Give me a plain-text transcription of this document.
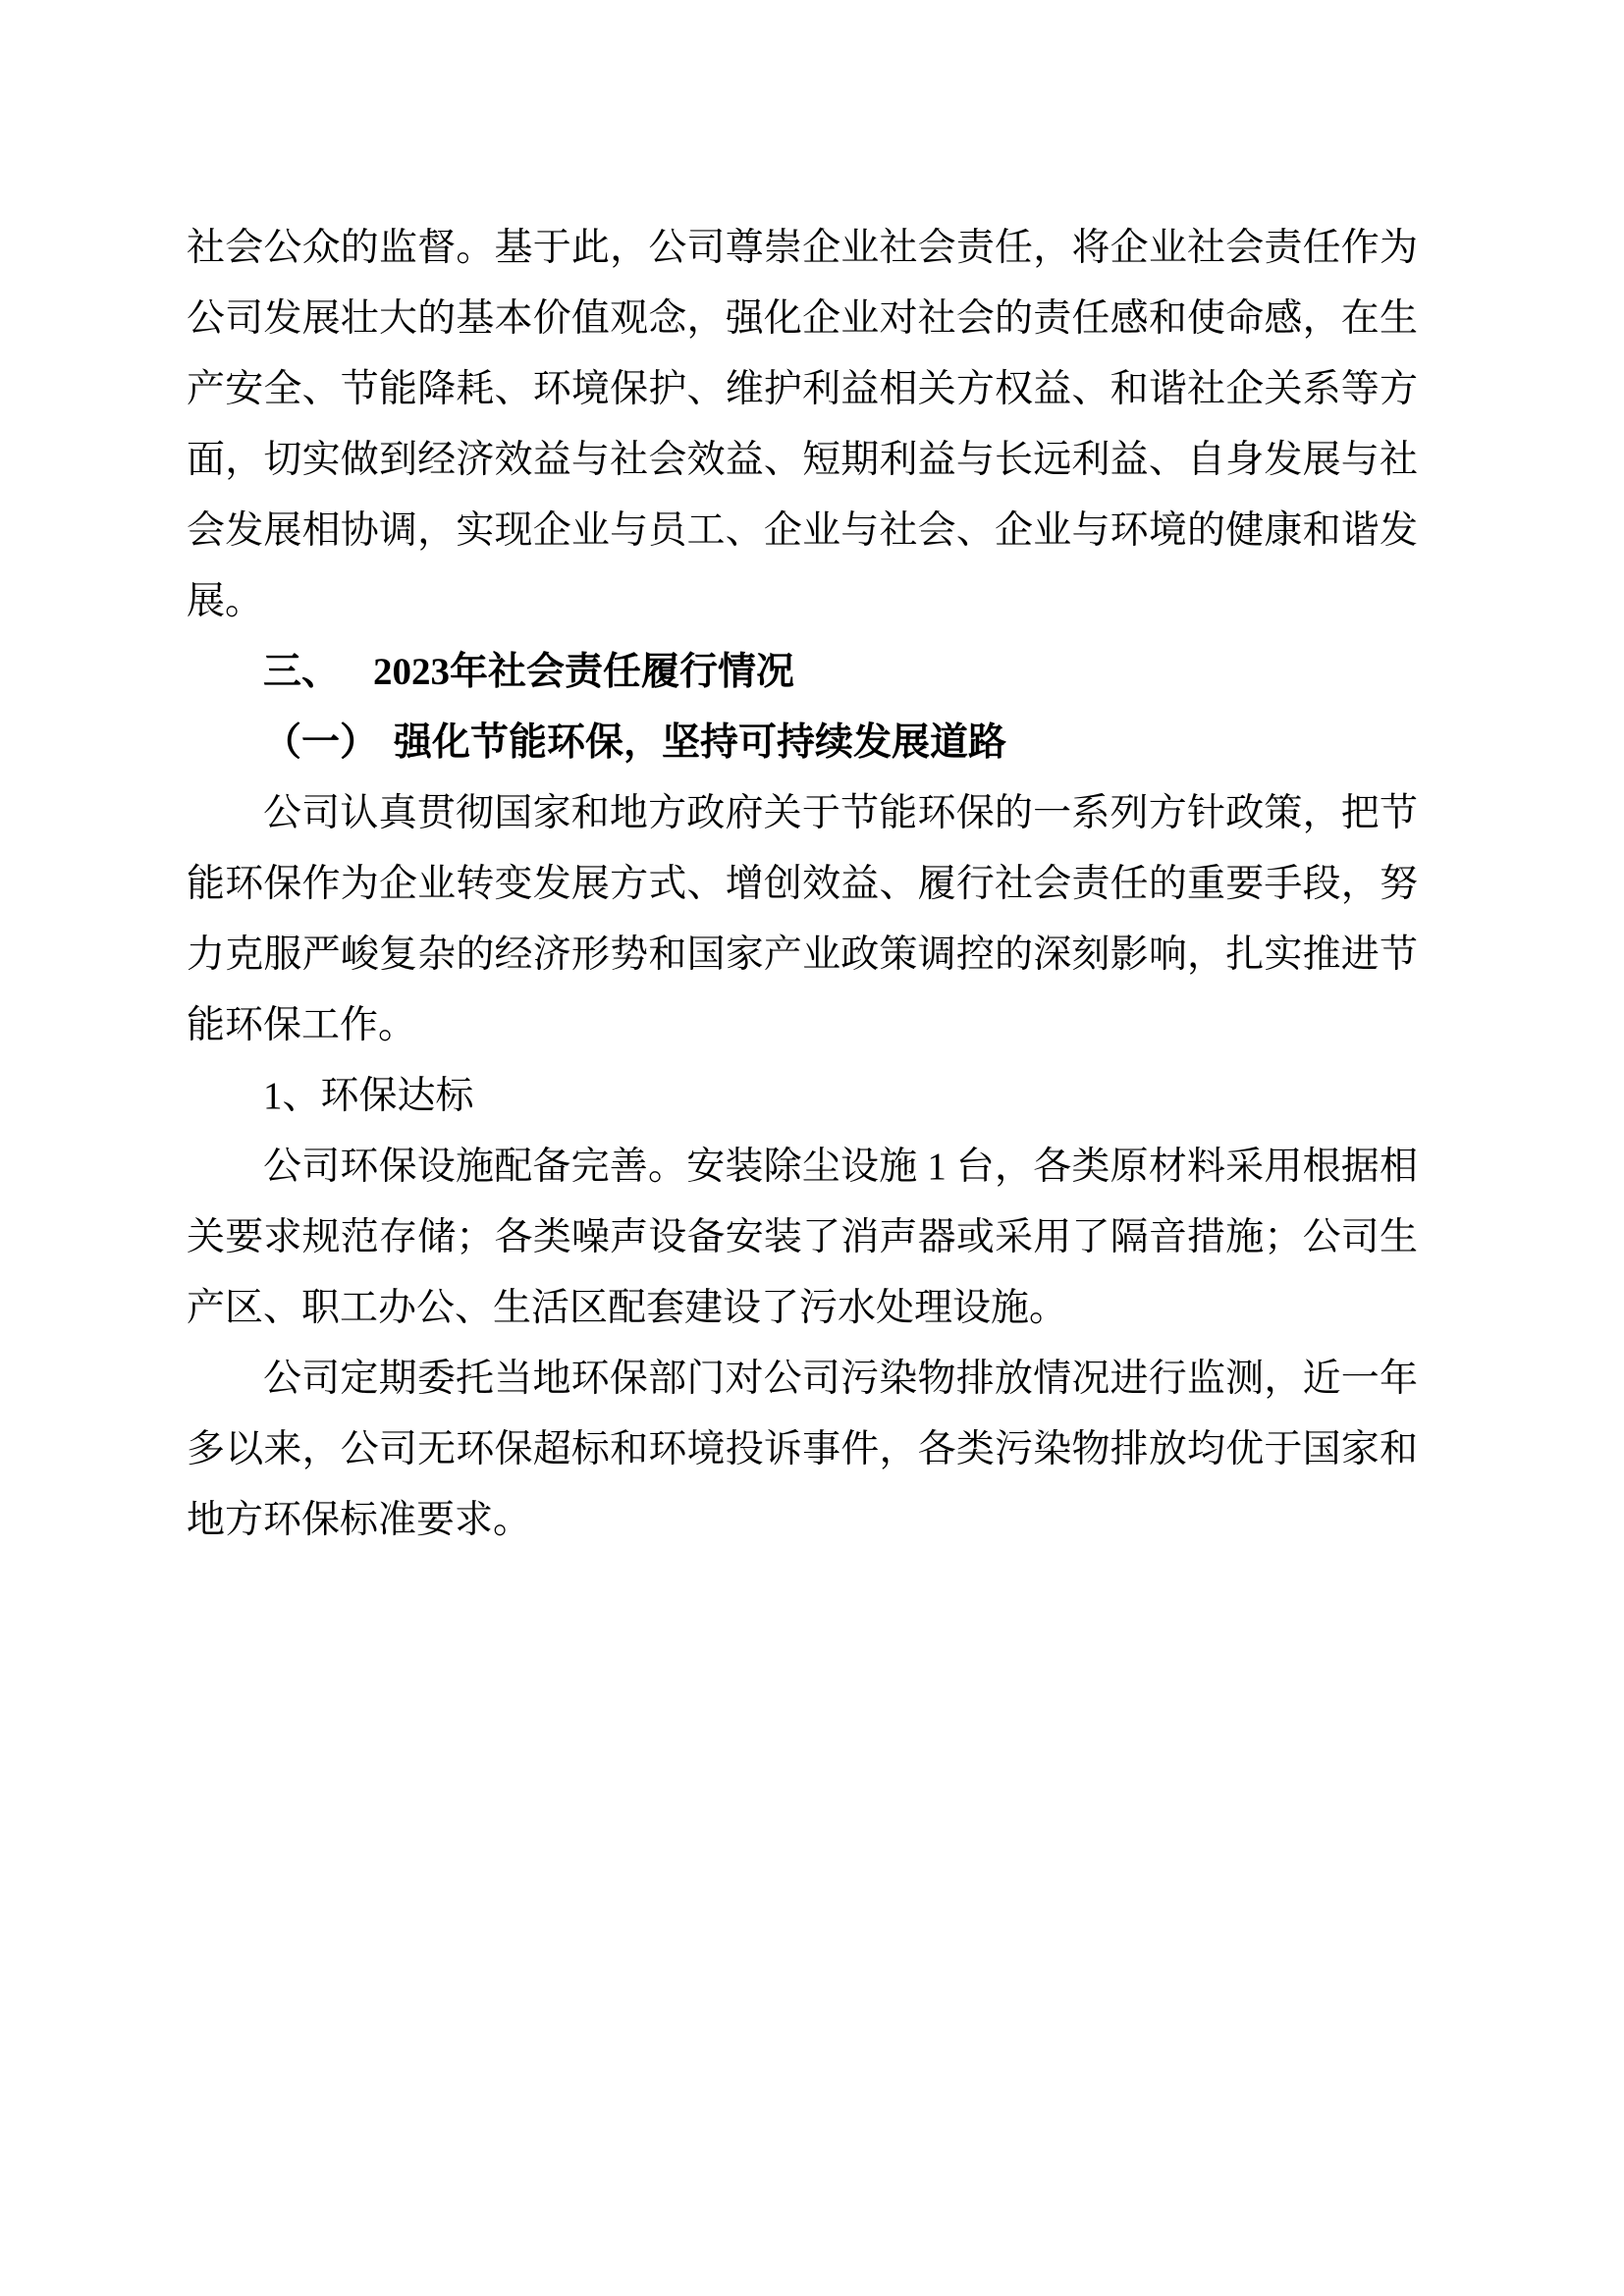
社会公众的监督。基于此，公司尊崇企业社会责任，将企业社会责任作为

公司发展壮大的基本价值观念，强化企业对社会的责任感和使命感，在生

产安全、节能降耗、环境保护、维护利益相关方权益、和谐社企关系等方

面，切实做到经济效益与社会效益、短期利益与长远利益、自身发展与社

会发展相协调，实现企业与员工、企业与社会、企业与环境的健康和谐发

展。

三、 2023年社会责任履行情况
（一） 强化节能环保，坚持可持续发展道路

公司认真贯彻国家和地方政府关于节能环保的一系列方针政策，把节

能环保作为企业转变发展方式、增创效益、履行社会责任的重要手段，努

力克服严峻复杂的经济形势和国家产业政策调控的深刻影响，扎实推进节

能环保工作。

1、环保达标

公司环保设施配备完善。安装除尘设施 1 台，各类原材料采用根据相

关要求规范存储；各类噪声设备安装了消声器或采用了隔音措施；公司生

产区、职工办公、生活区配套建设了污水处理设施。

公司定期委托当地环保部门对公司污染物排放情况进行监测，近一年

多以来，公司无环保超标和环境投诉事件，各类污染物排放均优于国家和

地方环保标准要求。
